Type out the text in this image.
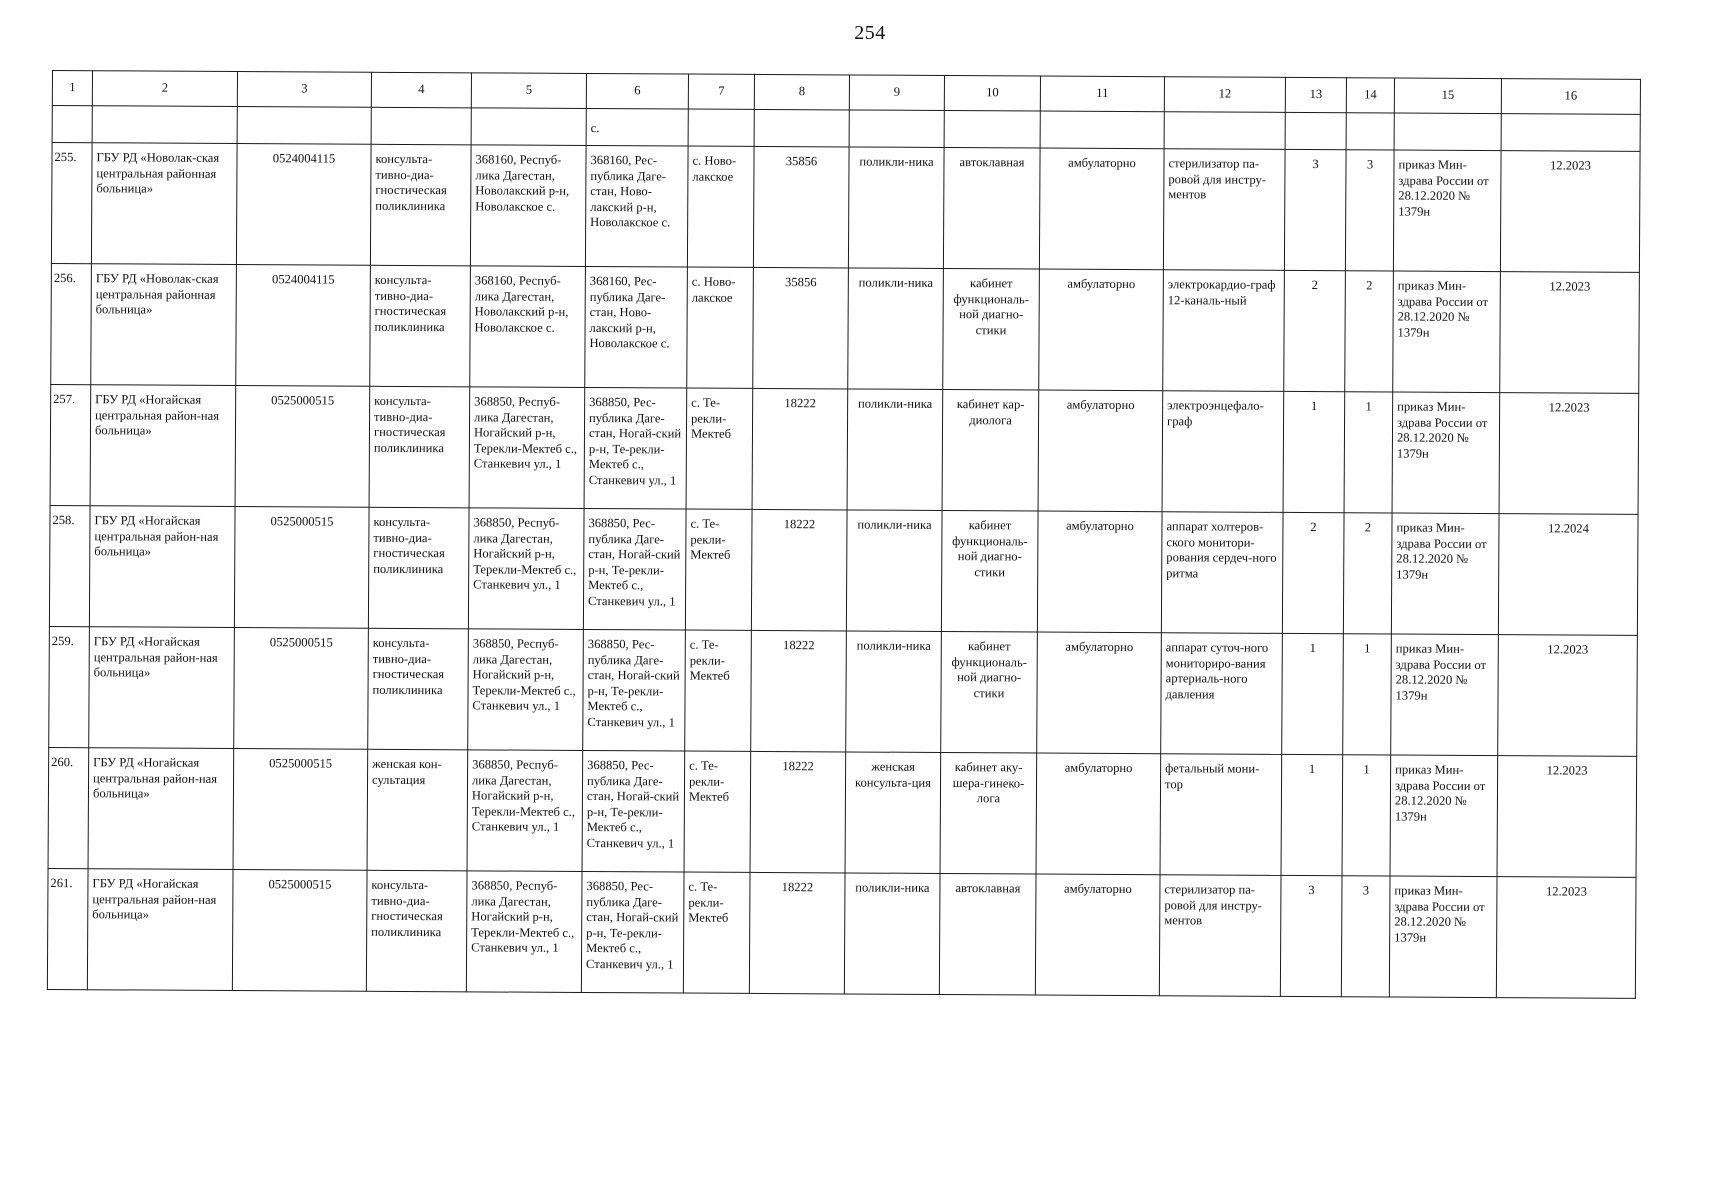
254
1	2	3	4	5	6	7	8	9	10	11	12	13	14	15	16
					с.										
255.	ГБУ РД «Новолак-ская центральная районная больница»	0524004115	консульта-тивно-диа-гностическая поликлиника	368160, Респуб-лика Дагестан, Новолакский р-н, Новолакское с.	368160, Рес-публика Даге-стан, Ново-лакский р-н, Новолакское с.	с. Ново-лакское	35856	поликли-ника	автоклавная	амбулаторно	стерилизатор па-ровой для инстру-ментов	3	3	приказ Мин-здрава России от 28.12.2020 № 1379н	12.2023
256.	ГБУ РД «Новолак-ская центральная районная больница»	0524004115	консульта-тивно-диа-гностическая поликлиника	368160, Респуб-лика Дагестан, Новолакский р-н, Новолакское с.	368160, Рес-публика Даге-стан, Ново-лакский р-н, Новолакское с.	с. Ново-лакское	35856	поликли-ника	кабинет функциональ-ной диагно-стики	амбулаторно	электрокардио-граф 12-каналь-ный	2	2	приказ Мин-здрава России от 28.12.2020 № 1379н	12.2023
257.	ГБУ РД «Ногайская центральная район-ная больница»	0525000515	консульта-тивно-диа-гностическая поликлиника	368850, Респуб-лика Дагестан, Ногайский р-н, Терекли-Мектеб с., Станкевич ул., 1	368850, Рес-публика Даге-стан, Ногай-ский р-н, Те-рекли-Мектеб с., Станкевич ул., 1	с. Те-рекли-Мектеб	18222	поликли-ника	кабинет кар-диолога	амбулаторно	электроэнцефало-граф	1	1	приказ Мин-здрава России от 28.12.2020 № 1379н	12.2023
258.	ГБУ РД «Ногайская центральная район-ная больница»	0525000515	консульта-тивно-диа-гностическая поликлиника	368850, Респуб-лика Дагестан, Ногайский р-н, Терекли-Мектеб с., Станкевич ул., 1	368850, Рес-публика Даге-стан, Ногай-ский р-н, Те-рекли-Мектеб с., Станкевич ул., 1	с. Те-рекли-Мектеб	18222	поликли-ника	кабинет функциональ-ной диагно-стики	амбулаторно	аппарат холтеров-ского монитори-рования сердеч-ного ритма	2	2	приказ Мин-здрава России от 28.12.2020 № 1379н	12.2024
259.	ГБУ РД «Ногайская центральная район-ная больница»	0525000515	консульта-тивно-диа-гностическая поликлиника	368850, Респуб-лика Дагестан, Ногайский р-н, Терекли-Мектеб с., Станкевич ул., 1	368850, Рес-публика Даге-стан, Ногай-ский р-н, Те-рекли-Мектеб с., Станкевич ул., 1	с. Те-рекли-Мектеб	18222	поликли-ника	кабинет функциональ-ной диагно-стики	амбулаторно	аппарат суточ-ного мониториро-вания артериаль-ного давления	1	1	приказ Мин-здрава России от 28.12.2020 № 1379н	12.2023
260.	ГБУ РД «Ногайская центральная район-ная больница»	0525000515	женская кон-сультация	368850, Респуб-лика Дагестан, Ногайский р-н, Терекли-Мектеб с., Станкевич ул., 1	368850, Рес-публика Даге-стан, Ногай-ский р-н, Те-рекли-Мектеб с., Станкевич ул., 1	с. Те-рекли-Мектеб	18222	женская консульта-ция	кабинет аку-шера-гинеко-лога	амбулаторно	фетальный мони-тор	1	1	приказ Мин-здрава России от 28.12.2020 № 1379н	12.2023
261.	ГБУ РД «Ногайская центральная район-ная больница»	0525000515	консульта-тивно-диа-гностическая поликлиника	368850, Респуб-лика Дагестан, Ногайский р-н, Терекли-Мектеб с., Станкевич ул., 1	368850, Рес-публика Даге-стан, Ногай-ский р-н, Те-рекли-Мектеб с., Станкевич ул., 1	с. Те-рекли-Мектеб	18222	поликли-ника	автоклавная	амбулаторно	стерилизатор па-ровой для инстру-ментов	3	3	приказ Мин-здрава России от 28.12.2020 № 1379н	12.2023
